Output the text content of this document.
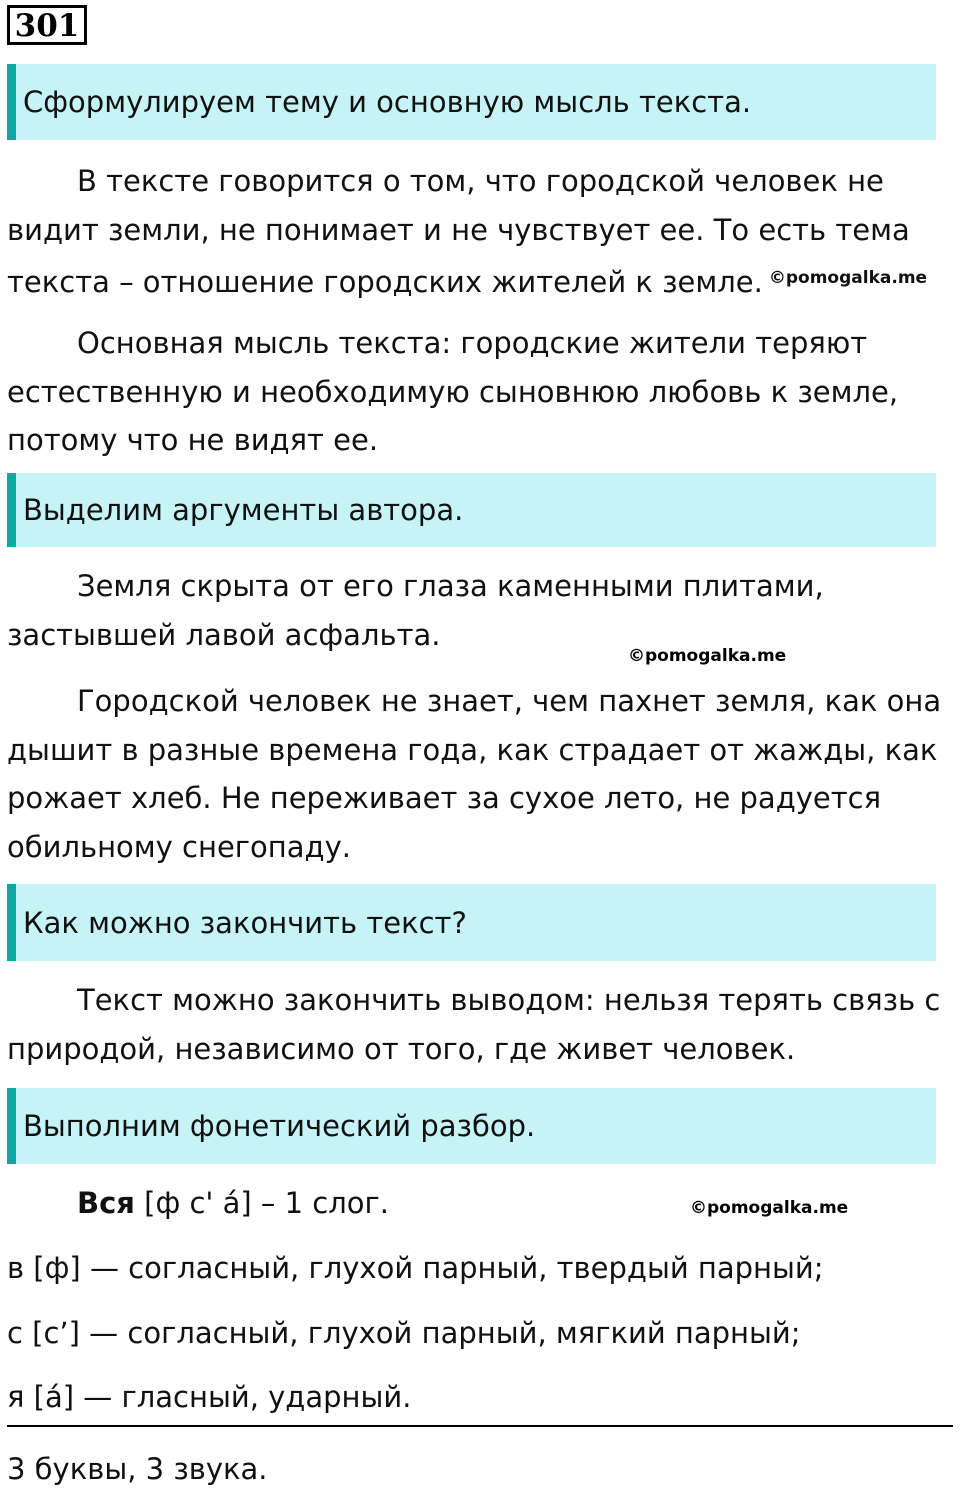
301
Сформулируем тему и основную мысль текста.

В тексте говорится о том, что городской человек не видит земли, не понимает и не чувствует ее. То есть тема текста – отношение городских жителей к земле. $^{©pomogalka.me}$

Основная мысль текста: городские жители теряют естественную и необходимую сыновнюю любовь к земле, потому что не видят ее.

Выделим аргументы автора.

Земля скрыта от его глаза каменными плитами, застывшей лавой асфальта.

©pomogalka.me

Городской человек не знает, чем пахнет земля, как она дышит в разные времена года, как страдает от жажды, как рожает хлеб. Не переживает за сухое лето, не радуется обильному снегопаду.

Как можно закончить текст?

Текст можно закончить выводом: нельзя терять связь с природой, независимо от того, где живет человек.

Выполним фонетический разбор.
Вся [ф с' á] – 1 слог.	©pomogalka.me
в [ф] — согласный, глухой парный, твердый парный;
с [с’] — согласный, глухой парный, мягкий парный;
я [á] — гласный, ударный.
3 буквы, 3 звука.
